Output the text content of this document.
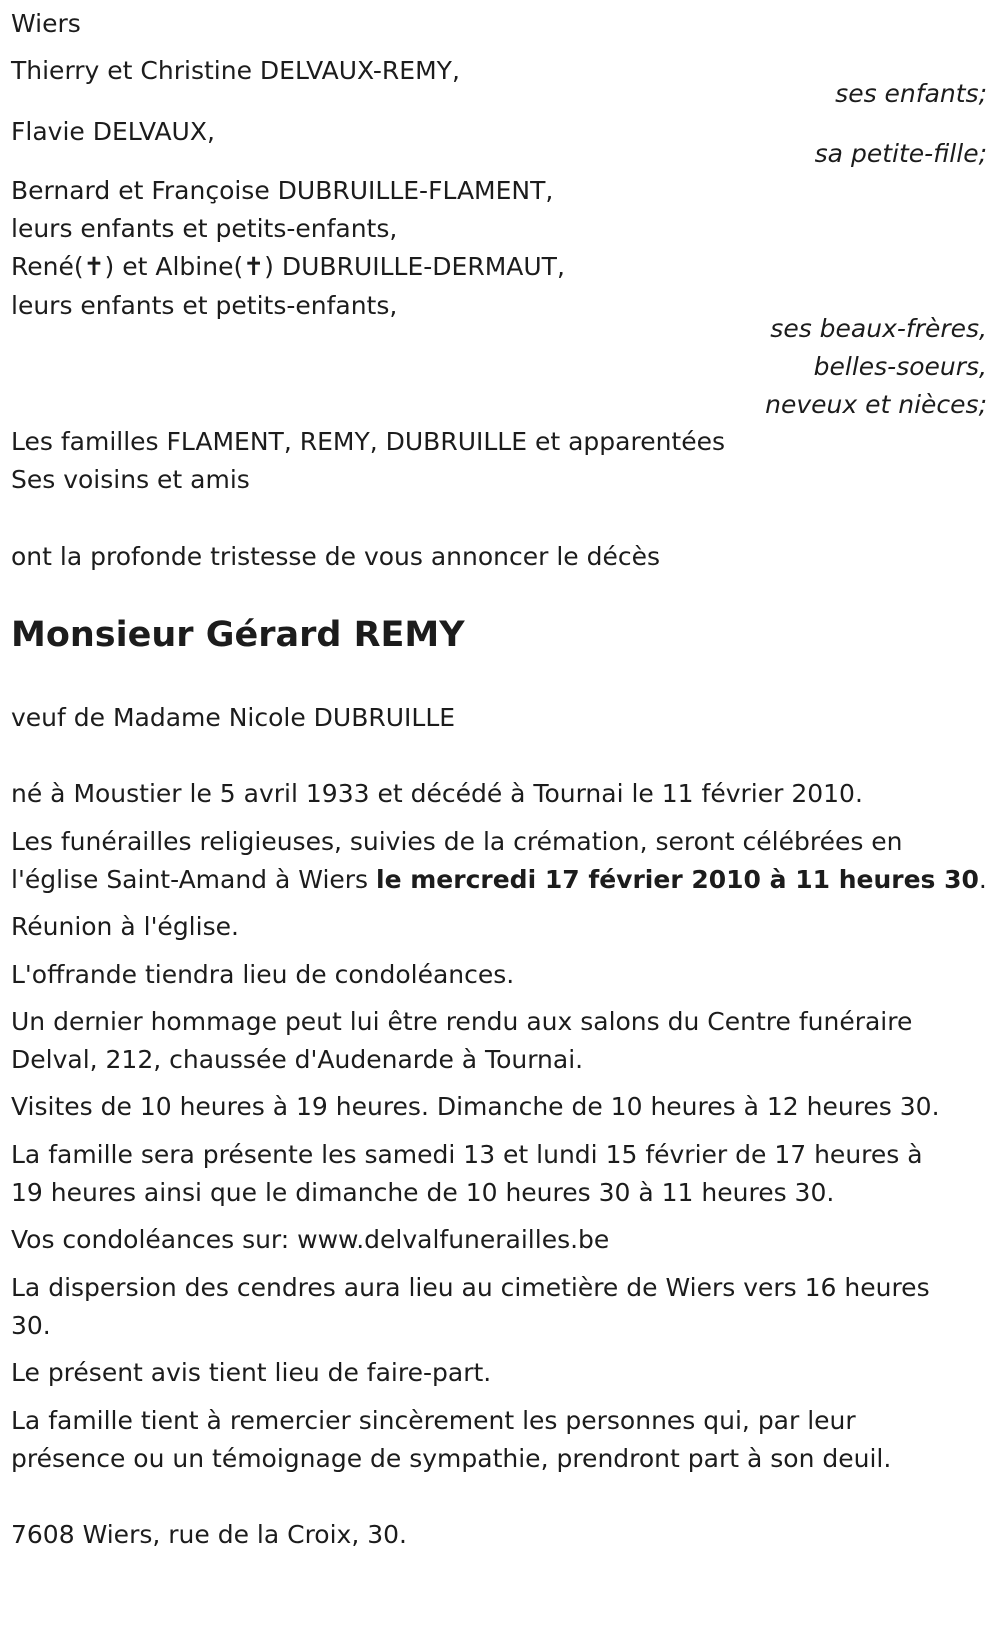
Wiers
Thierry et Christine DELVAUX-REMY,
ses enfants;
Flavie DELVAUX,
sa petite-fille;
Bernard et Françoise DUBRUILLE-FLAMENT,
leurs enfants et petits-enfants,
René(✝) et Albine(✝) DUBRUILLE-DERMAUT,
leurs enfants et petits-enfants,
ses beaux-frères,
belles-soeurs,
neveux et nièces;
Les familles FLAMENT, REMY, DUBRUILLE et apparentées
Ses voisins et amis
ont la profonde tristesse de vous annoncer le décès
Monsieur Gérard REMY
veuf de Madame Nicole DUBRUILLE
né à Moustier le 5 avril 1933 et décédé à Tournai le 11 février 2010.
Les funérailles religieuses, suivies de la crémation, seront célébrées en
l'église Saint-Amand à Wiers le mercredi 17 février 2010 à 11 heures 30.
Réunion à l'église.
L'offrande tiendra lieu de condoléances.
Un dernier hommage peut lui être rendu aux salons du Centre funéraire
Delval, 212, chaussée d'Audenarde à Tournai.
Visites de 10 heures à 19 heures. Dimanche de 10 heures à 12 heures 30.
La famille sera présente les samedi 13 et lundi 15 février de 17 heures à
19 heures ainsi que le dimanche de 10 heures 30 à 11 heures 30.
Vos condoléances sur: www.delvalfunerailles.be
La dispersion des cendres aura lieu au cimetière de Wiers vers 16 heures
30.
Le présent avis tient lieu de faire-part.
La famille tient à remercier sincèrement les personnes qui, par leur
présence ou un témoignage de sympathie, prendront part à son deuil.
7608 Wiers, rue de la Croix, 30.
